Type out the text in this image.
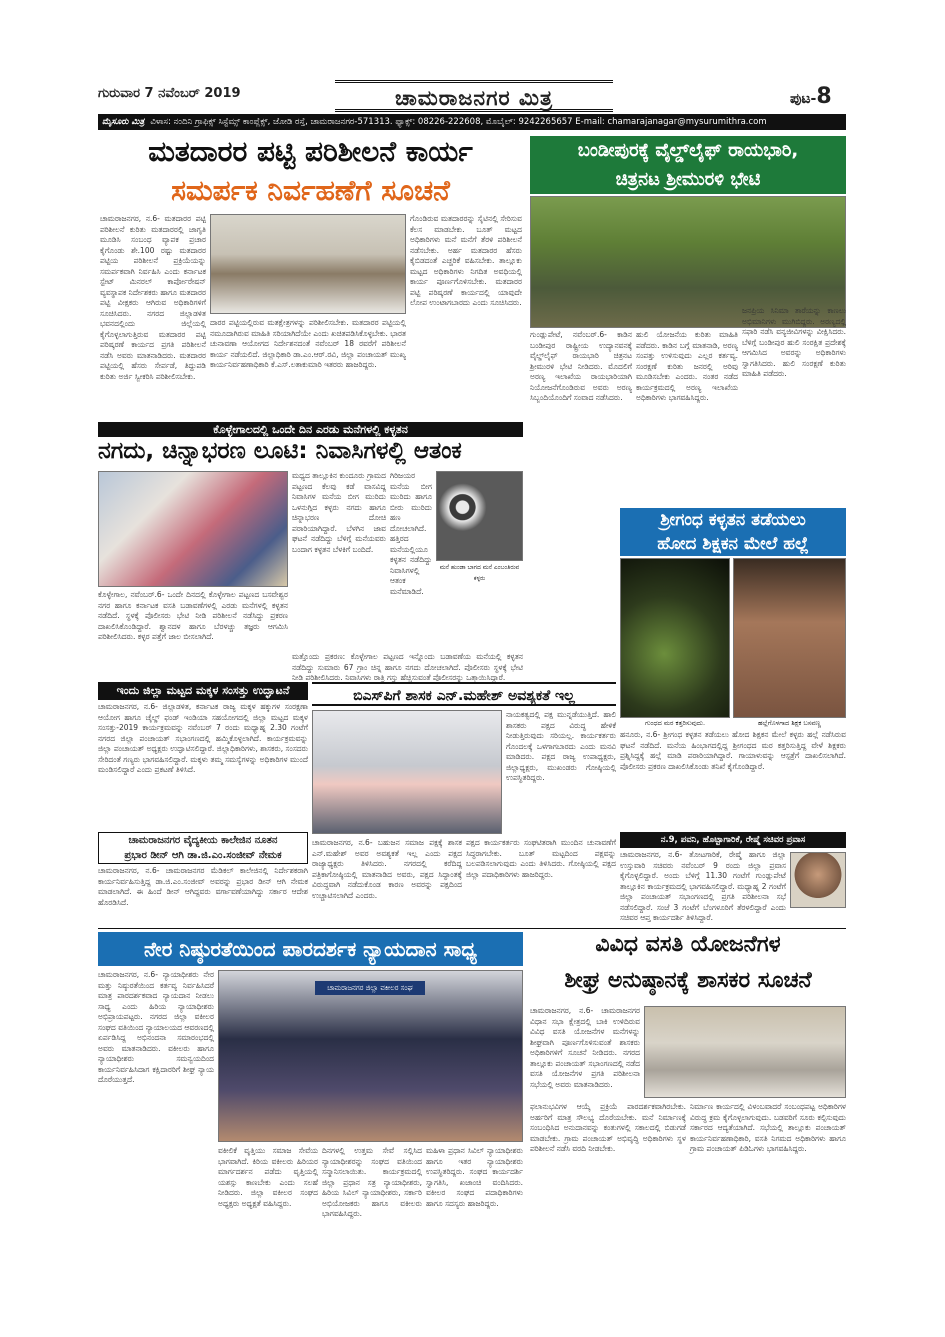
ಗುರುವಾರ 7 ನವೆಂಬರ್ 2019	ಚಾಮರಾಜನಗರ ಮಿತ್ರ	ಪುಟ-8
ಮೈಸೂರು ಮಿತ್ರ ವಿಳಾಸ: ನಂದಿನಿ ಗ್ರಾಫಿಕ್ಸ್ ಸಿಸ್ಟೆಮ್ಸ್ ಕಾಂಪ್ಲೆಕ್ಸ್, ಜೋಡಿ ರಸ್ತೆ, ಚಾಮರಾಜನಗರ-571313. ಫ್ಯಾಕ್ಸ್: 08226-222608, ಮೊಬೈಲ್: 9242265657 E-mail: chamarajanagar@mysurumithra.com
ಮತದಾರರ ಪಟ್ಟಿ ಪರಿಶೀಲನೆ ಕಾರ್ಯ
ಸಮರ್ಪಕ ನಿರ್ವಹಣೆಗೆ ಸೂಚನೆ
ಚಾಮರಾಜನಗರ, ನ.6- ಮತದಾರರ ಪಟ್ಟಿ ಪರಿಶೀಲನೆ ಕುರಿತು ಮತದಾರರಲ್ಲಿ ಜಾಗೃತಿ ಮೂಡಿಸಿ ಸಂಬಂಧ ವ್ಯಾಪಕ ಪ್ರಚಾರ ಕೈಗೊಂಡು ಶೇ.100 ರಷ್ಟು ಮತದಾರರ ಪಟ್ಟಿಯ ಪರಿಶೀಲನೆ ಪ್ರಕ್ರಿಯೆಯನ್ನು ಸಮರ್ಪಕವಾಗಿ ನಿರ್ವಹಿಸಿ ಎಂದು ಕರ್ನಾಟಕ ಸ್ಟೇಟ್ ಮಿನರಲ್ ಕಾರ್ಪೋರೇಷನ್ ವ್ಯವಸ್ಥಾಪಕ ನಿರ್ದೇಶಕರು ಹಾಗೂ ಮತದಾರರ ಪಟ್ಟಿ ವೀಕ್ಷಕರು ಆಗಿರುವ ಅಧಿಕಾರಿಗಳಿಗೆ ಸೂಚಿಸಿದರು. ನಗರದ ಜಿಲ್ಲಾಡಳಿತ ಭವನದಲ್ಲಿಂದು ಜಿಲ್ಲೆಯಲ್ಲಿ ಕೈಗೊಳ್ಳಲಾಗುತ್ತಿರುವ ಮತದಾರರ ಪಟ್ಟಿ ಪರಿಷ್ಕರಣೆ ಕಾರ್ಯದ ಪ್ರಗತಿ ಪರಿಶೀಲನೆ ನಡೆಸಿ ಅವರು ಮಾತನಾಡಿದರು. ಮತದಾರರ ಪಟ್ಟಿಯಲ್ಲಿ ಹೆಸರು ಸೇರ್ಪಡೆ, ತಿದ್ದುಪಡಿ ಕುರಿತು ಅರ್ಜಿ ಸ್ವೀಕರಿಸಿ ಪರಿಶೀಲಿಸಬೇಕು.
ಗೊಂಡಿರುವ ಮತದಾರರನ್ನು ಸೈಟಿನಲ್ಲಿ ಸೇರಿಸುವ ಕೆಲಸ ಮಾಡಬೇಕು. ಬೂತ್ ಮಟ್ಟದ ಅಧಿಕಾರಿಗಳು ಮನೆ ಮನೆಗೆ ತೆರಳಿ ಪರಿಶೀಲನೆ ನಡೆಸಬೇಕು. ಅರ್ಹ ಮತದಾರರ ಹೆಸರು ಕೈಬಿಡದಂತೆ ಎಚ್ಚರಿಕೆ ವಹಿಸಬೇಕು. ತಾಲ್ಲೂಕು ಮಟ್ಟದ ಅಧಿಕಾರಿಗಳು ನಿಗದಿತ ಅವಧಿಯಲ್ಲಿ ಕಾರ್ಯ ಪೂರ್ಣಗೊಳಿಸಬೇಕು. ಮತದಾರರ ಪಟ್ಟಿ ಪರಿಷ್ಕರಣೆ ಕಾರ್ಯದಲ್ಲಿ ಯಾವುದೇ ಲೋಪ ಉಂಟಾಗಬಾರದು ಎಂದು ಸೂಚಿಸಿದರು.
ದಾರರ ಪಟ್ಟಿಯಲ್ಲಿರುವ ಮತಕ್ಷೇತ್ರಗಳನ್ನು ಪರಿಶೀಲಿಸಬೇಕು. ಮತದಾರರ ಪಟ್ಟಿಯಲ್ಲಿ ನಮೂದಾಗಿರುವ ಮಾಹಿತಿ ಸರಿಯಾಗಿದೆಯೇ ಎಂದು ಖಚಿತಪಡಿಸಿಕೊಳ್ಳಬೇಕು. ಭಾರತ ಚುನಾವಣಾ ಆಯೋಗದ ನಿರ್ದೇಶನದಂತೆ ನವೆಂಬರ್ 18 ರವರೆಗೆ ಪರಿಶೀಲನೆ ಕಾರ್ಯ ನಡೆಯಲಿದೆ. ಜಿಲ್ಲಾಧಿಕಾರಿ ಡಾ.ಎಂ.ಆರ್.ರವಿ, ಜಿಲ್ಲಾ ಪಂಚಾಯತ್ ಮುಖ್ಯ ಕಾರ್ಯನಿರ್ವಹಣಾಧಿಕಾರಿ ಕೆ.ಎಸ್.ಲತಾಕುಮಾರಿ ಇತರರು ಹಾಜರಿದ್ದರು.
ಬಂಡೀಪುರಕ್ಕೆ ವೈಲ್ಡ್‌ಲೈಫ್ ರಾಯಭಾರಿ,
ಚಿತ್ರನಟ ಶ್ರೀಮುರಳಿ ಭೇಟಿ
ಗುಂಡ್ಲುಪೇಟೆ, ನವೆಂಬರ್.6- ಕಾಡಿನ ಬಂಡೀಪುರ ರಾಷ್ಟ್ರೀಯ ಉದ್ಯಾನವನಕ್ಕೆ ವೈಲ್ಡ್‌ಲೈಫ್ ರಾಯಭಾರಿ ಚಿತ್ರನಟ ಶ್ರೀಮುರಳಿ ಭೇಟಿ ನೀಡಿದರು. ಮೊದಲಿಗೆ ಅರಣ್ಯ ಇಲಾಖೆಯ ರಾಯಭಾರಿಯಾಗಿ ನಿಯೋಜನೆಗೊಂಡಿರುವ ಅವರು ಅರಣ್ಯ ಸಿಬ್ಬಂದಿಯೊಂದಿಗೆ ಸಂವಾದ ನಡೆಸಿದರು.
ಹುಲಿ ಯೋಜನೆಯ ಕುರಿತು ಮಾಹಿತಿ ಪಡೆದರು. ಕಾಡಿನ ಬಗ್ಗೆ ಮಾತನಾಡಿ, ಅರಣ್ಯ ಸಂಪತ್ತು ಉಳಿಸುವುದು ಎಲ್ಲರ ಕರ್ತವ್ಯ. ಸಂರಕ್ಷಣೆ ಕುರಿತು ಜನರಲ್ಲಿ ಅರಿವು ಮೂಡಿಸಬೇಕು ಎಂದರು. ನಂತರ ನಡೆದ ಕಾರ್ಯಕ್ರಮದಲ್ಲಿ ಅರಣ್ಯ ಇಲಾಖೆಯ ಅಧಿಕಾರಿಗಳು ಭಾಗವಹಿಸಿದ್ದರು.
ಜನಪ್ರಿಯ ಸಿನಿಮಾ ತಾರೆಯನ್ನು ಕಾಣಲು ಅಭಿಮಾನಿಗಳು ಮುಗಿಬಿದ್ದರು. ಅರಣ್ಯದಲ್ಲಿ ಸಫಾರಿ ನಡೆಸಿ ವನ್ಯಜೀವಿಗಳನ್ನು ವೀಕ್ಷಿಸಿದರು. ಬೆಳಿಗ್ಗೆ ಬಂಡೀಪುರ ಹುಲಿ ಸಂರಕ್ಷಿತ ಪ್ರದೇಶಕ್ಕೆ ಆಗಮಿಸಿದ ಅವರನ್ನು ಅಧಿಕಾರಿಗಳು ಸ್ವಾಗತಿಸಿದರು. ಹುಲಿ ಸಂರಕ್ಷಣೆ ಕುರಿತು ಮಾಹಿತಿ ಪಡೆದರು.
ಕೊಳ್ಳೇಗಾಲದಲ್ಲಿ ಒಂದೇ ದಿನ ಎರಡು ಮನೆಗಳಲ್ಲಿ ಕಳ್ಳತನ
ನಗದು, ಚಿನ್ನಾಭರಣ ಲೂಟಿ: ನಿವಾಸಿಗಳಲ್ಲಿ ಆತಂಕ
ಮಧ್ಯದ ತಾಲ್ಲೂಕಿನ ಕುಂದೂರು ಗ್ರಾಮದ ಪಟ್ಟಣದ ಕೆಲವು ಕಡೆ ವಾಸವಿದ್ದ ನಿವಾಸಿಗಳ ಮನೆಯ ಬೀಗ ಮುರಿದು ಒಳನುಗ್ಗಿದ ಕಳ್ಳರು ನಗದು ಹಾಗೂ ಚಿನ್ನಾಭರಣ ದೋಚಿ ಪರಾರಿಯಾಗಿದ್ದಾರೆ. ಬೆಳಗಿನ ಜಾವ ಘಟನೆ ನಡೆದಿದ್ದು ಬೆಳಿಗ್ಗೆ ಮನೆಯವರು ಬಂದಾಗ ಕಳ್ಳತನ ಬೆಳಕಿಗೆ ಬಂದಿದೆ.
ಗಿರಿಜಯರ ಮನೆಯ ಬೀಗ ಮುರಿದು ಹಾಗೂ ಬೀರು ಮುರಿದು ಹಣ ದೋಚಲಾಗಿದೆ. ಹತ್ತಿರದ ಮನೆಯಲ್ಲಿಯೂ ಕಳ್ಳತನ ನಡೆದಿದ್ದು ನಿವಾಸಿಗಳಲ್ಲಿ ಆತಂಕ ಮನೆಮಾಡಿದೆ.
ಮನೆ ಹುಂಡಾ ಬಾಗದ ಮನೆ ಎಂಬಂತಿರುವ ಕಳ್ಳರು
ಕೊಳ್ಳೇಗಾಲ, ನವೆಂಬರ್.6- ಒಂದೇ ದಿನದಲ್ಲಿ ಕೊಳ್ಳೇಗಾಲ ಪಟ್ಟಣದ ಬಸವೇಶ್ವರ ನಗರ ಹಾಗೂ ಕರ್ನಾಟಕ ವಸತಿ ಬಡಾವಣೆಗಳಲ್ಲಿ ಎರಡು ಮನೆಗಳಲ್ಲಿ ಕಳ್ಳತನ ನಡೆದಿದೆ. ಸ್ಥಳಕ್ಕೆ ಪೊಲೀಸರು ಭೇಟಿ ನೀಡಿ ಪರಿಶೀಲನೆ ನಡೆಸಿದ್ದು ಪ್ರಕರಣ ದಾಖಲಿಸಿಕೊಂಡಿದ್ದಾರೆ. ಶ್ವಾನದಳ ಹಾಗೂ ಬೆರಳಚ್ಚು ತಜ್ಞರು ಆಗಮಿಸಿ ಪರಿಶೀಲಿಸಿದರು. ಕಳ್ಳರ ಪತ್ತೆಗೆ ಜಾಲ ಬೀಸಲಾಗಿದೆ.
ಮತ್ತೊಂದು ಪ್ರಕರಣ: ಕೊಳ್ಳೇಗಾಲ ಪಟ್ಟಣದ ಇನ್ನೊಂದು ಬಡಾವಣೆಯ ಮನೆಯಲ್ಲಿ ಕಳ್ಳತನ ನಡೆದಿದ್ದು ಸುಮಾರು 67 ಗ್ರಾಂ ಚಿನ್ನ ಹಾಗೂ ನಗದು ದೋಚಲಾಗಿದೆ. ಪೊಲೀಸರು ಸ್ಥಳಕ್ಕೆ ಭೇಟಿ ನೀಡಿ ಪರಿಶೀಲಿಸಿದರು. ನಿವಾಸಿಗಳು ರಾತ್ರಿ ಗಸ್ತು ಹೆಚ್ಚಿಸುವಂತೆ ಪೊಲೀಸರನ್ನು ಒತ್ತಾಯಿಸಿದ್ದಾರೆ.
ಶ್ರೀಗಂಧ ಕಳ್ಳತನ ತಡೆಯಲು
ಹೋದ ಶಿಕ್ಷಕನ ಮೇಲೆ ಹಲ್ಲೆ
ಗುಂಧದ ಮರ ಕತ್ತರಿಸುವುದು.	ಹಲ್ಲೆಗೊಳಗಾದ ಶಿಕ್ಷಕ ಬಸವಣ್ಣ
ಹನೂರು, ನ.6- ಶ್ರೀಗಂಧ ಕಳ್ಳತನ ತಡೆಯಲು ಹೋದ ಶಿಕ್ಷಕನ ಮೇಲೆ ಕಳ್ಳರು ಹಲ್ಲೆ ನಡೆಸಿರುವ ಘಟನೆ ನಡೆದಿದೆ. ಮನೆಯ ಹಿಂಭಾಗದಲ್ಲಿದ್ದ ಶ್ರೀಗಂಧದ ಮರ ಕತ್ತರಿಸುತ್ತಿದ್ದ ವೇಳೆ ಶಿಕ್ಷಕರು ಪ್ರಶ್ನಿಸಿದ್ದಕ್ಕೆ ಹಲ್ಲೆ ಮಾಡಿ ಪರಾರಿಯಾಗಿದ್ದಾರೆ. ಗಾಯಾಳುವನ್ನು ಆಸ್ಪತ್ರೆಗೆ ದಾಖಲಿಸಲಾಗಿದೆ. ಪೊಲೀಸರು ಪ್ರಕರಣ ದಾಖಲಿಸಿಕೊಂಡು ತನಿಖೆ ಕೈಗೊಂಡಿದ್ದಾರೆ.
ಇಂದು ಜಿಲ್ಲಾ ಮಟ್ಟದ ಮಕ್ಕಳ ಸಂಸತ್ತು ಉದ್ಘಾಟನೆ
ಚಾಮರಾಜನಗರ, ನ.6- ಜಿಲ್ಲಾಡಳಿತ, ಕರ್ನಾಟಕ ರಾಜ್ಯ ಮಕ್ಕಳ ಹಕ್ಕುಗಳ ಸಂರಕ್ಷಣಾ ಆಯೋಗ ಹಾಗೂ ಚೈಲ್ಡ್ ಫಂಡ್ ಇಂಡಿಯಾ ಸಹಯೋಗದಲ್ಲಿ ಜಿಲ್ಲಾ ಮಟ್ಟದ ಮಕ್ಕಳ ಸಂಸತ್ತು-2019 ಕಾರ್ಯಕ್ರಮವನ್ನು ನವೆಂಬರ್ 7 ರಂದು ಮಧ್ಯಾಹ್ನ 2.30 ಗಂಟೆಗೆ ನಗರದ ಜಿಲ್ಲಾ ಪಂಚಾಯತ್ ಸಭಾಂಗಣದಲ್ಲಿ ಹಮ್ಮಿಕೊಳ್ಳಲಾಗಿದೆ. ಕಾರ್ಯಕ್ರಮವನ್ನು ಜಿಲ್ಲಾ ಪಂಚಾಯತ್ ಅಧ್ಯಕ್ಷರು ಉದ್ಘಾಟಿಸಲಿದ್ದಾರೆ. ಜಿಲ್ಲಾಧಿಕಾರಿಗಳು, ಶಾಸಕರು, ಸಂಸದರು ಸೇರಿದಂತೆ ಗಣ್ಯರು ಭಾಗವಹಿಸಲಿದ್ದಾರೆ. ಮಕ್ಕಳು ತಮ್ಮ ಸಮಸ್ಯೆಗಳನ್ನು ಅಧಿಕಾರಿಗಳ ಮುಂದೆ ಮಂಡಿಸಲಿದ್ದಾರೆ ಎಂದು ಪ್ರಕಟಣೆ ತಿಳಿಸಿದೆ.
ಚಾಮರಾಜನಗರ ವೈದ್ಯಕೀಯ ಕಾಲೇಜಿನ ನೂತನ
ಪ್ರಭಾರ ಡೀನ್ ಆಗಿ ಡಾ.ಜಿ.ಎಂ.ಸಂಜೀವ್ ನೇಮಕ
ಚಾಮರಾಜನಗರ, ನ.6- ಚಾಮರಾಜನಗರ ಮೆಡಿಕಲ್ ಕಾಲೇಜಿನಲ್ಲಿ ನಿರ್ದೇಶಕರಾಗಿ ಕಾರ್ಯನಿರ್ವಹಿಸುತ್ತಿದ್ದ ಡಾ.ಜಿ.ಎಂ.ಸಂಜೀವ್ ಅವರನ್ನು ಪ್ರಭಾರ ಡೀನ್ ಆಗಿ ನೇಮಕ ಮಾಡಲಾಗಿದೆ. ಈ ಹಿಂದೆ ಡೀನ್ ಆಗಿದ್ದವರು ವರ್ಗಾವಣೆಯಾಗಿದ್ದು ಸರ್ಕಾರ ಆದೇಶ ಹೊರಡಿಸಿದೆ.
ಬಿಎಸ್‌ಪಿಗೆ ಶಾಸಕ ಎನ್.ಮಹೇಶ್ ಅವಶ್ಯಕತೆ ಇಲ್ಲ
ನಾಯಕತ್ವದಲ್ಲಿ ಪಕ್ಷ ಮುನ್ನಡೆಯುತ್ತಿದೆ. ಹಾಲಿ ಶಾಸಕರು ಪಕ್ಷದ ವಿರುದ್ಧ ಹೇಳಿಕೆ ನೀಡುತ್ತಿರುವುದು ಸರಿಯಲ್ಲ. ಕಾರ್ಯಕರ್ತರು ಗೊಂದಲಕ್ಕೆ ಒಳಗಾಗಬಾರದು ಎಂದು ಮನವಿ ಮಾಡಿದರು. ಪಕ್ಷದ ರಾಜ್ಯ ಉಪಾಧ್ಯಕ್ಷರು, ಜಿಲ್ಲಾಧ್ಯಕ್ಷರು, ಮುಖಂಡರು ಗೋಷ್ಠಿಯಲ್ಲಿ ಉಪಸ್ಥಿತರಿದ್ದರು.
ಚಾಮರಾಜನಗರ, ನ.6- ಬಹುಜನ ಸಮಾಜ ಪಕ್ಷಕ್ಕೆ ಶಾಸಕ ಎನ್.ಮಹೇಶ್ ಅವರ ಅವಶ್ಯಕತೆ ಇಲ್ಲ ಎಂದು ಪಕ್ಷದ ರಾಜ್ಯಾಧ್ಯಕ್ಷರು ತಿಳಿಸಿದರು. ನಗರದಲ್ಲಿ ಕರೆದಿದ್ದ ಪತ್ರಿಕಾಗೋಷ್ಠಿಯಲ್ಲಿ ಮಾತನಾಡಿದ ಅವರು, ಪಕ್ಷದ ಸಿದ್ಧಾಂತಕ್ಕೆ ವಿರುದ್ಧವಾಗಿ ನಡೆದುಕೊಂಡ ಕಾರಣ ಅವರನ್ನು ಪಕ್ಷದಿಂದ ಉಚ್ಚಾಟಿಸಲಾಗಿದೆ ಎಂದರು.
ಪಕ್ಷದ ಕಾರ್ಯಕರ್ತರು ಸಂಘಟಿತರಾಗಿ ಮುಂದಿನ ಚುನಾವಣೆಗೆ ಸಿದ್ಧರಾಗಬೇಕು. ಬೂತ್ ಮಟ್ಟದಿಂದ ಪಕ್ಷವನ್ನು ಬಲಪಡಿಸಲಾಗುವುದು ಎಂದು ತಿಳಿಸಿದರು. ಗೋಷ್ಠಿಯಲ್ಲಿ ಪಕ್ಷದ ಜಿಲ್ಲಾ ಪದಾಧಿಕಾರಿಗಳು ಹಾಜರಿದ್ದರು.
ನ.9, ಪವನಿ, ಹೊಟ್ಟಾಗಾರಿಕೆ, ರೇಷ್ಮೆ ಸಚಿವರ ಪ್ರವಾಸ
ಚಾಮರಾಜನಗರ, ನ.6- ತೋಟಗಾರಿಕೆ, ರೇಷ್ಮೆ ಹಾಗೂ ಜಿಲ್ಲಾ ಉಸ್ತುವಾರಿ ಸಚಿವರು ನವೆಂಬರ್ 9 ರಂದು ಜಿಲ್ಲಾ ಪ್ರವಾಸ ಕೈಗೊಳ್ಳಲಿದ್ದಾರೆ. ಅಂದು ಬೆಳಿಗ್ಗೆ 11.30 ಗಂಟೆಗೆ ಗುಂಡ್ಲುಪೇಟೆ ತಾಲ್ಲೂಕಿನ ಕಾರ್ಯಕ್ರಮದಲ್ಲಿ ಭಾಗವಹಿಸಲಿದ್ದಾರೆ. ಮಧ್ಯಾಹ್ನ 2 ಗಂಟೆಗೆ ಜಿಲ್ಲಾ ಪಂಚಾಯತ್ ಸಭಾಂಗಣದಲ್ಲಿ ಪ್ರಗತಿ ಪರಿಶೀಲನಾ ಸಭೆ ನಡೆಸಲಿದ್ದಾರೆ. ಸಂಜೆ 3 ಗಂಟೆಗೆ ಬೆಂಗಳೂರಿಗೆ ತೆರಳಲಿದ್ದಾರೆ ಎಂದು ಸಚಿವರ ಆಪ್ತ ಕಾರ್ಯದರ್ಶಿ ತಿಳಿಸಿದ್ದಾರೆ.
ನೇರ ನಿಷ್ಠುರತೆಯಿಂದ ಪಾರದರ್ಶಕ ನ್ಯಾಯದಾನ ಸಾಧ್ಯ
ಚಾಮರಾಜನಗರ, ನ.6- ನ್ಯಾಯಾಧೀಶರು ನೇರ ಮತ್ತು ನಿಷ್ಠುರತೆಯಿಂದ ಕರ್ತವ್ಯ ನಿರ್ವಹಿಸಿದರೆ ಮಾತ್ರ ಪಾರದರ್ಶಕವಾದ ನ್ಯಾಯದಾನ ನೀಡಲು ಸಾಧ್ಯ ಎಂದು ಹಿರಿಯ ನ್ಯಾಯಾಧೀಶರು ಅಭಿಪ್ರಾಯಪಟ್ಟರು. ನಗರದ ಜಿಲ್ಲಾ ವಕೀಲರ ಸಂಘದ ವತಿಯಿಂದ ನ್ಯಾಯಾಲಯದ ಆವರಣದಲ್ಲಿ ಏರ್ಪಡಿಸಿದ್ದ ಅಭಿನಂದನಾ ಸಮಾರಂಭದಲ್ಲಿ ಅವರು ಮಾತನಾಡಿದರು. ವಕೀಲರು ಹಾಗೂ ನ್ಯಾಯಾಧೀಶರು ಸಮನ್ವಯದಿಂದ ಕಾರ್ಯನಿರ್ವಹಿಸಿದಾಗ ಕಕ್ಷಿದಾರರಿಗೆ ಶೀಘ್ರ ನ್ಯಾಯ ದೊರೆಯುತ್ತದೆ.
ಚಾಮರಾಜನಗರ ಜಿಲ್ಲಾ ವಕೀಲರ ಸಂಘ
ವಕೀಲಿಕೆ ವೃತ್ತಿಯು ಸಮಾಜ ಸೇವೆಯ ಭಾಗವಾಗಿದೆ. ಕಿರಿಯ ವಕೀಲರು ಹಿರಿಯರ ಮಾರ್ಗದರ್ಶನ ಪಡೆದು ವೃತ್ತಿಯಲ್ಲಿ ಯಶಸ್ಸು ಕಾಣಬೇಕು ಎಂದು ಸಲಹೆ ನೀಡಿದರು. ಜಿಲ್ಲಾ ವಕೀಲರ ಸಂಘದ ಅಧ್ಯಕ್ಷರು ಅಧ್ಯಕ್ಷತೆ ವಹಿಸಿದ್ದರು.
ದಿನಗಳಲ್ಲಿ ಉತ್ತಮ ಸೇವೆ ಸಲ್ಲಿಸಿದ ನ್ಯಾಯಾಧೀಶರನ್ನು ಸಂಘದ ವತಿಯಿಂದ ಸನ್ಮಾನಿಸಲಾಯಿತು. ಕಾರ್ಯಕ್ರಮದಲ್ಲಿ ಜಿಲ್ಲಾ ಪ್ರಧಾನ ಸತ್ರ ನ್ಯಾಯಾಧೀಶರು, ಹಿರಿಯ ಸಿವಿಲ್ ನ್ಯಾಯಾಧೀಶರು, ಸರ್ಕಾರಿ ಅಭಿಯೋಜಕರು ಹಾಗೂ ವಕೀಲರು ಭಾಗವಹಿಸಿದ್ದರು.
ಮಹಿಳಾ ಪ್ರಧಾನ ಸಿವಿಲ್ ನ್ಯಾಯಾಧೀಶರು ಹಾಗೂ ಇತರ ನ್ಯಾಯಾಧೀಶರು ಉಪಸ್ಥಿತರಿದ್ದರು. ಸಂಘದ ಕಾರ್ಯದರ್ಶಿ ಸ್ವಾಗತಿಸಿ, ಖಜಾಂಚಿ ವಂದಿಸಿದರು. ವಕೀಲರ ಸಂಘದ ಪದಾಧಿಕಾರಿಗಳು ಹಾಗೂ ಸದಸ್ಯರು ಹಾಜರಿದ್ದರು.
ವಿವಿಧ ವಸತಿ ಯೋಜನೆಗಳ
ಶೀಘ್ರ ಅನುಷ್ಠಾನಕ್ಕೆ ಶಾಸಕರ ಸೂಚನೆ
ಚಾಮರಾಜನಗರ, ನ.6- ಚಾಮರಾಜನಗರ ವಿಧಾನ ಸಭಾ ಕ್ಷೇತ್ರದಲ್ಲಿ ಬಾಕಿ ಉಳಿದಿರುವ ವಿವಿಧ ವಸತಿ ಯೋಜನೆಗಳ ಮನೆಗಳನ್ನು ಶೀಘ್ರವಾಗಿ ಪೂರ್ಣಗೊಳಿಸುವಂತೆ ಶಾಸಕರು ಅಧಿಕಾರಿಗಳಿಗೆ ಸೂಚನೆ ನೀಡಿದರು. ನಗರದ ತಾಲ್ಲೂಕು ಪಂಚಾಯತ್ ಸಭಾಂಗಣದಲ್ಲಿ ನಡೆದ ವಸತಿ ಯೋಜನೆಗಳ ಪ್ರಗತಿ ಪರಿಶೀಲನಾ ಸಭೆಯಲ್ಲಿ ಅವರು ಮಾತನಾಡಿದರು.
ಫಲಾನುಭವಿಗಳ ಆಯ್ಕೆ ಪ್ರಕ್ರಿಯೆ ಪಾರದರ್ಶಕವಾಗಿರಬೇಕು. ಅರ್ಹರಿಗೆ ಮಾತ್ರ ಸೌಲಭ್ಯ ದೊರೆಯಬೇಕು. ಮನೆ ನಿರ್ಮಾಣಕ್ಕೆ ಸಂಬಂಧಿಸಿದ ಅನುದಾನವನ್ನು ಕಂತುಗಳಲ್ಲಿ ಸಕಾಲದಲ್ಲಿ ಬಿಡುಗಡೆ ಮಾಡಬೇಕು. ಗ್ರಾಮ ಪಂಚಾಯತ್ ಅಭಿವೃದ್ಧಿ ಅಧಿಕಾರಿಗಳು ಸ್ಥಳ ಪರಿಶೀಲನೆ ನಡೆಸಿ ವರದಿ ನೀಡಬೇಕು.
ನಿರ್ಮಾಣ ಕಾರ್ಯದಲ್ಲಿ ವಿಳಂಬವಾದರೆ ಸಂಬಂಧಪಟ್ಟ ಅಧಿಕಾರಿಗಳ ವಿರುದ್ಧ ಕ್ರಮ ಕೈಗೊಳ್ಳಲಾಗುವುದು. ಬಡವರಿಗೆ ಸೂರು ಕಲ್ಪಿಸುವುದು ಸರ್ಕಾರದ ಆದ್ಯತೆಯಾಗಿದೆ. ಸಭೆಯಲ್ಲಿ ತಾಲ್ಲೂಕು ಪಂಚಾಯತ್ ಕಾರ್ಯನಿರ್ವಹಣಾಧಿಕಾರಿ, ವಸತಿ ನಿಗಮದ ಅಧಿಕಾರಿಗಳು ಹಾಗೂ ಗ್ರಾಮ ಪಂಚಾಯತ್ ಪಿಡಿಓಗಳು ಭಾಗವಹಿಸಿದ್ದರು.
